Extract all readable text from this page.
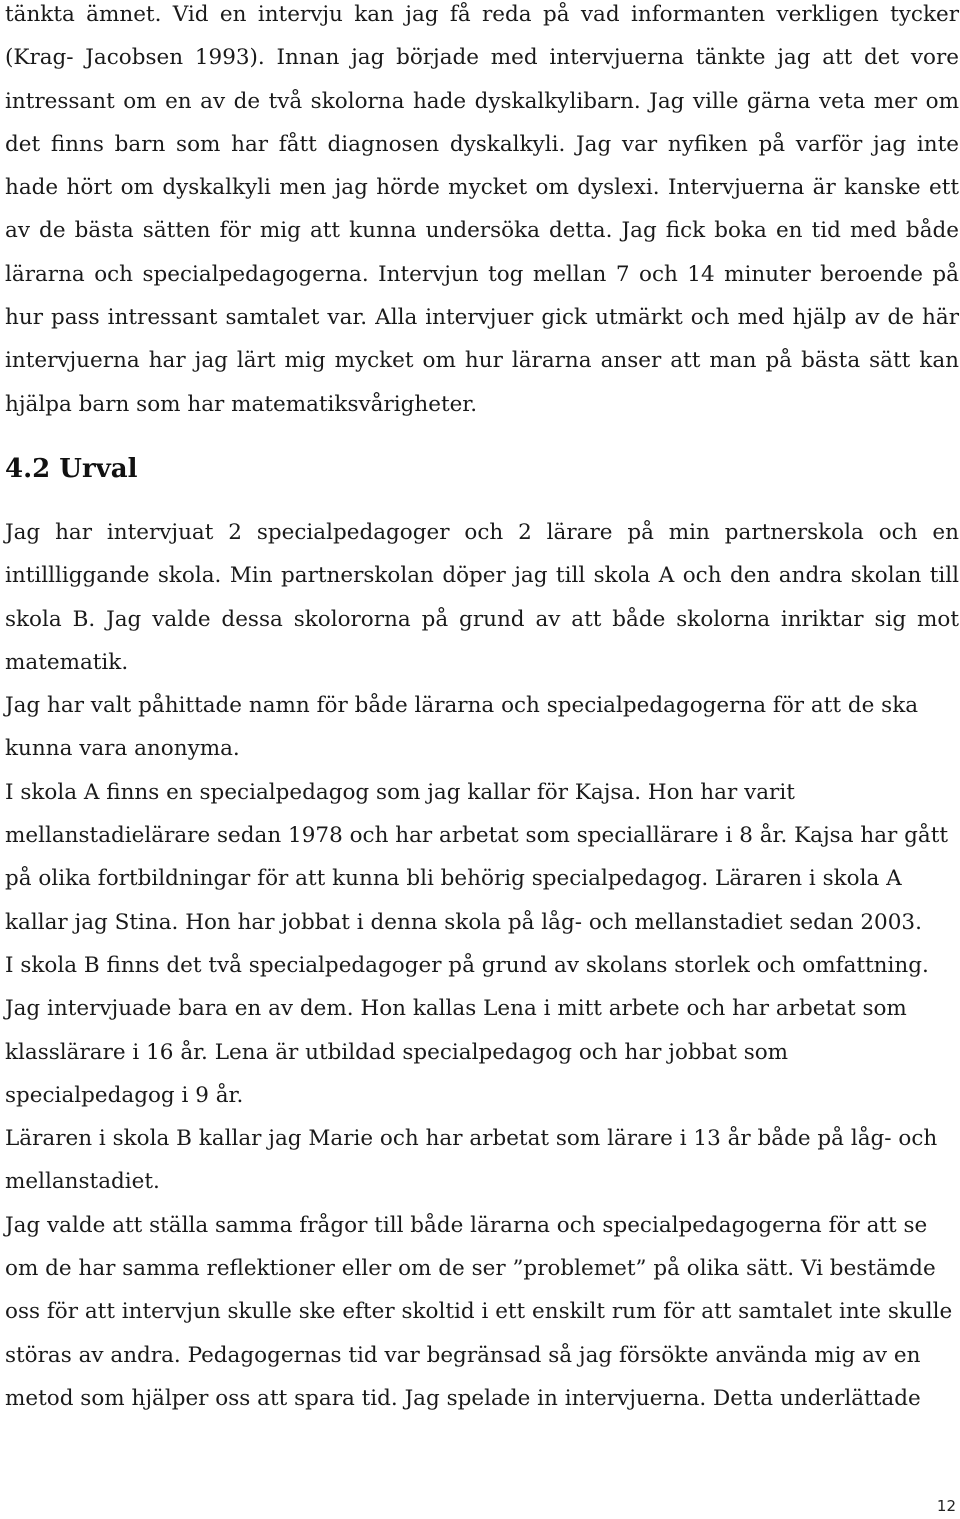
tänkta ämnet. Vid en intervju kan jag få reda på vad informanten verkligen tycker (Krag- Jacobsen 1993). Innan jag började med intervjuerna tänkte jag att det vore intressant om en av de två skolorna hade dyskalkylibarn. Jag ville gärna veta mer om det finns barn som har fått diagnosen dyskalkyli. Jag var nyfiken på varför jag inte hade hört om dyskalkyli men jag hörde mycket om dyslexi. Intervjuerna är kanske ett av de bästa sätten för mig att kunna undersöka detta. Jag fick boka en tid med både lärarna och specialpedagogerna. Intervjun tog mellan 7 och 14 minuter beroende på hur pass intressant samtalet var. Alla intervjuer gick utmärkt och med hjälp av de här intervjuerna har jag lärt mig mycket om hur lärarna anser att man på bästa sätt kan hjälpa barn som har matematiksvårigheter.

4.2 Urval

Jag har intervjuat 2 specialpedagoger och 2 lärare på min partnerskola och en intillliggande skola. Min partnerskolan döper jag till skola A och den andra skolan till skola B. Jag valde dessa skolororna på grund av att både skolorna inriktar sig mot matematik.

Jag har valt påhittade namn för både lärarna och specialpedagogerna för att de ska kunna vara anonyma.

I skola A finns en specialpedagog som jag kallar för Kajsa. Hon har varit mellanstadielärare sedan 1978 och har arbetat som speciallärare i 8 år. Kajsa har gått på olika fortbildningar för att kunna bli behörig specialpedagog. Läraren i skola A kallar jag Stina. Hon har jobbat i denna skola på låg- och mellanstadiet sedan 2003.

I skola B finns det två specialpedagoger på grund av skolans storlek och omfattning. Jag intervjuade bara en av dem. Hon kallas Lena i mitt arbete och har arbetat som klasslärare i 16 år. Lena är utbildad specialpedagog och har jobbat som specialpedagog i 9 år.

Läraren i skola B kallar jag Marie och har arbetat som lärare i 13 år både på låg- och mellanstadiet.

Jag valde att ställa samma frågor till både lärarna och specialpedagogerna för att se om de har samma reflektioner eller om de ser ”problemet” på olika sätt. Vi bestämde oss för att intervjun skulle ske efter skoltid i ett enskilt rum för att samtalet inte skulle störas av andra. Pedagogernas tid var begränsad så jag försökte använda mig av en metod som hjälper oss att spara tid. Jag spelade in intervjuerna. Detta underlättade

12
